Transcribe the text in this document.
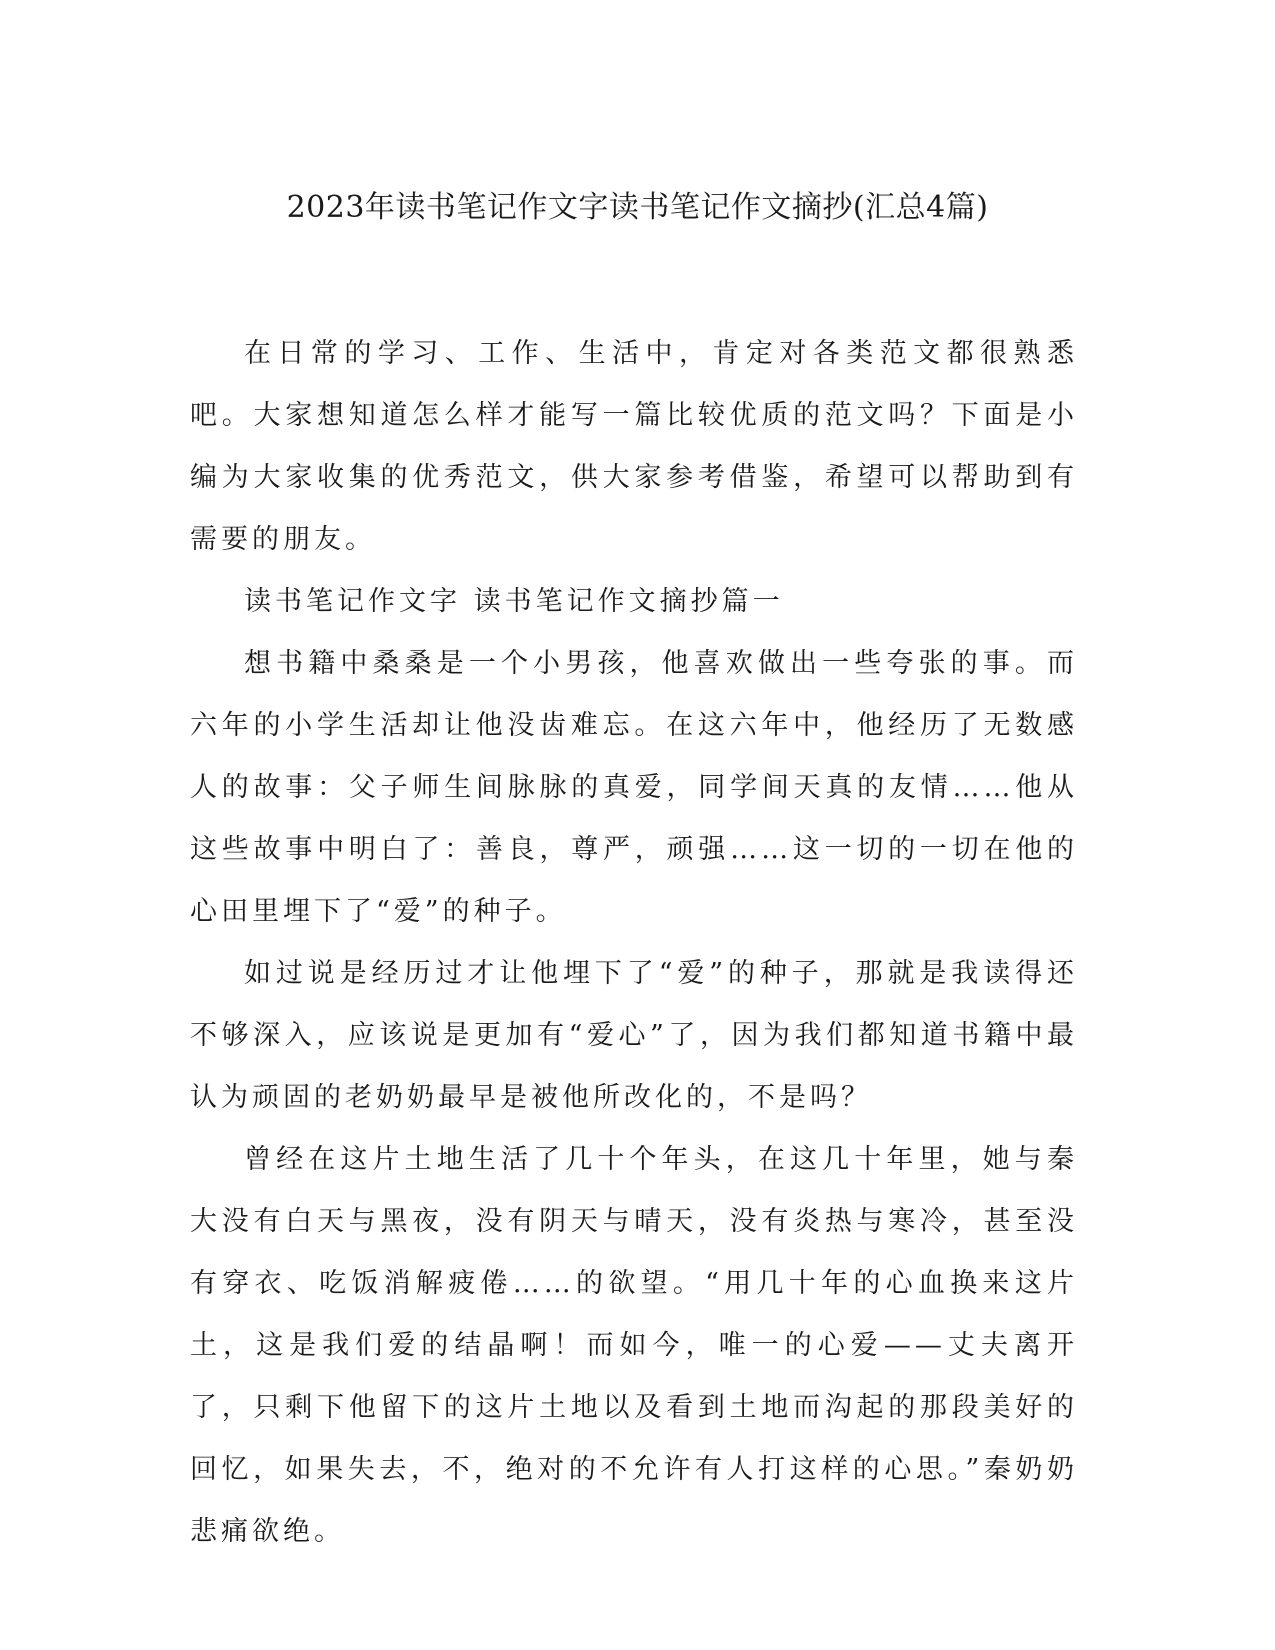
2023年读书笔记作文字读书笔记作文摘抄(汇总4篇)

在日常的学习、工作、生活中，肯定对各类范文都很熟悉吧。大家想知道怎么样才能写一篇比较优质的范文吗？下面是小编为大家收集的优秀范文，供大家参考借鉴，希望可以帮助到有需要的朋友。

读书笔记作文字 读书笔记作文摘抄篇一

想书籍中桑桑是一个小男孩，他喜欢做出一些夸张的事。而六年的小学生活却让他没齿难忘。在这六年中，他经历了无数感人的故事：父子师生间脉脉的真爱，同学间天真的友情……他从这些故事中明白了：善良，尊严，顽强……这一切的一切在他的心田里埋下了“爱”的种子。

如过说是经历过才让他埋下了“爱”的种子，那就是我读得还不够深入，应该说是更加有“爱心”了，因为我们都知道书籍中最认为顽固的老奶奶最早是被他所改化的，不是吗？

曾经在这片土地生活了几十个年头，在这几十年里，她与秦大没有白天与黑夜，没有阴天与晴天，没有炎热与寒冷，甚至没有穿衣、吃饭消解疲倦……的欲望。“用几十年的心血换来这片土，这是我们爱的结晶啊！而如今，唯一的心爱——丈夫离开了，只剩下他留下的这片土地以及看到土地而沟起的那段美好的回忆，如果失去，不，绝对的不允许有人打这样的心思。”秦奶奶悲痛欲绝。
